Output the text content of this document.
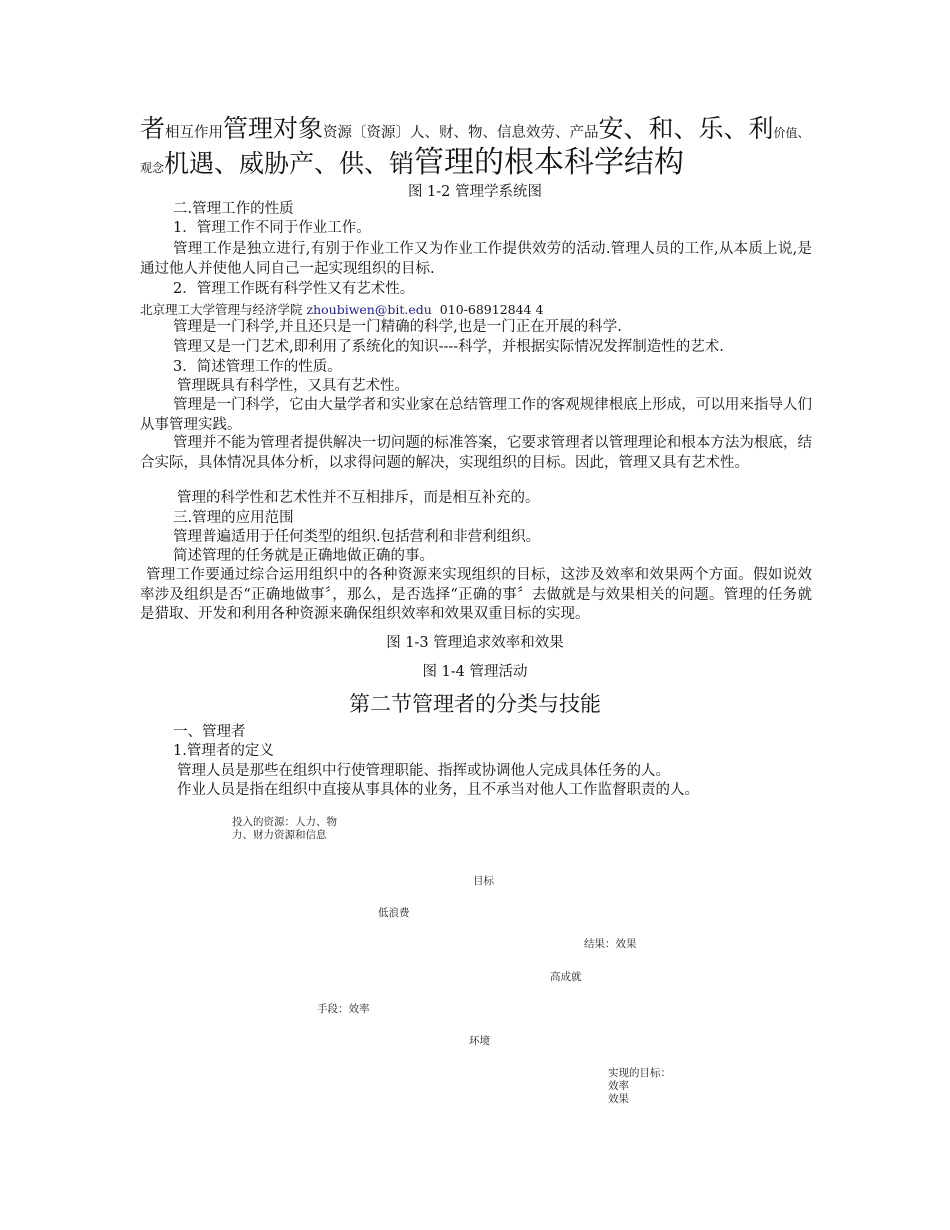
者相互作用管理对象资源〔资源〕人、财、物、信息效劳、产品安、和、乐、利价值、
观念机遇、威胁产、供、销管理的根本科学结构
图 1-2 管理学系统图
二.管理工作的性质
1．管理工作不同于作业工作。
管理工作是独立进行,有别于作业工作又为作业工作提供效劳的活动.管理人员的工作,从本质上说,是通过他人并使他人同自己一起实现组织的目标.
2．管理工作既有科学性又有艺术性。
北京理工大学管理与经济学院 zhoubiwen@bit.edu 010-68912844 4
管理是一门科学,并且还只是一门精确的科学,也是一门正在开展的科学.
管理又是一门艺术,即利用了系统化的知识----科学，并根据实际情况发挥制造性的艺术.
3．简述管理工作的性质。
管理既具有科学性，又具有艺术性。
管理是一门科学，它由大量学者和实业家在总结管理工作的客观规律根底上形成，可以用来指导人们从事管理实践。
管理并不能为管理者提供解决一切问题的标准答案，它要求管理者以管理理论和根本方法为根底，结合实际，具体情况具体分析，以求得问题的解决，实现组织的目标。因此，管理又具有艺术性。
管理的科学性和艺术性并不互相排斥，而是相互补充的。
三.管理的应用范围
管理普遍适用于任何类型的组织.包括营利和非营利组织。
简述管理的任务就是正确地做正确的事。
管理工作要通过综合运用组织中的各种资源来实现组织的目标，这涉及效率和效果两个方面。假如说效率涉及组织是否“正确地做事〞，那么，是否选择“正确的事〞去做就是与效果相关的问题。管理的任务就是猎取、开发和利用各种资源来确保组织效率和效果双重目标的实现。
图 1-3 管理追求效率和效果
图 1-4 管理活动
第二节管理者的分类与技能
一、管理者
1.管理者的定义
管理人员是那些在组织中行使管理职能、指挥或协调他人完成具体任务的人。
作业人员是指在组织中直接从事具体的业务，且不承当对他人工作监督职责的人。
投入的资源：人力、物力、财力资源和信息
目标
低浪费
结果：效果
高成就
手段：效率
环境
实现的目标：
效率
效果
